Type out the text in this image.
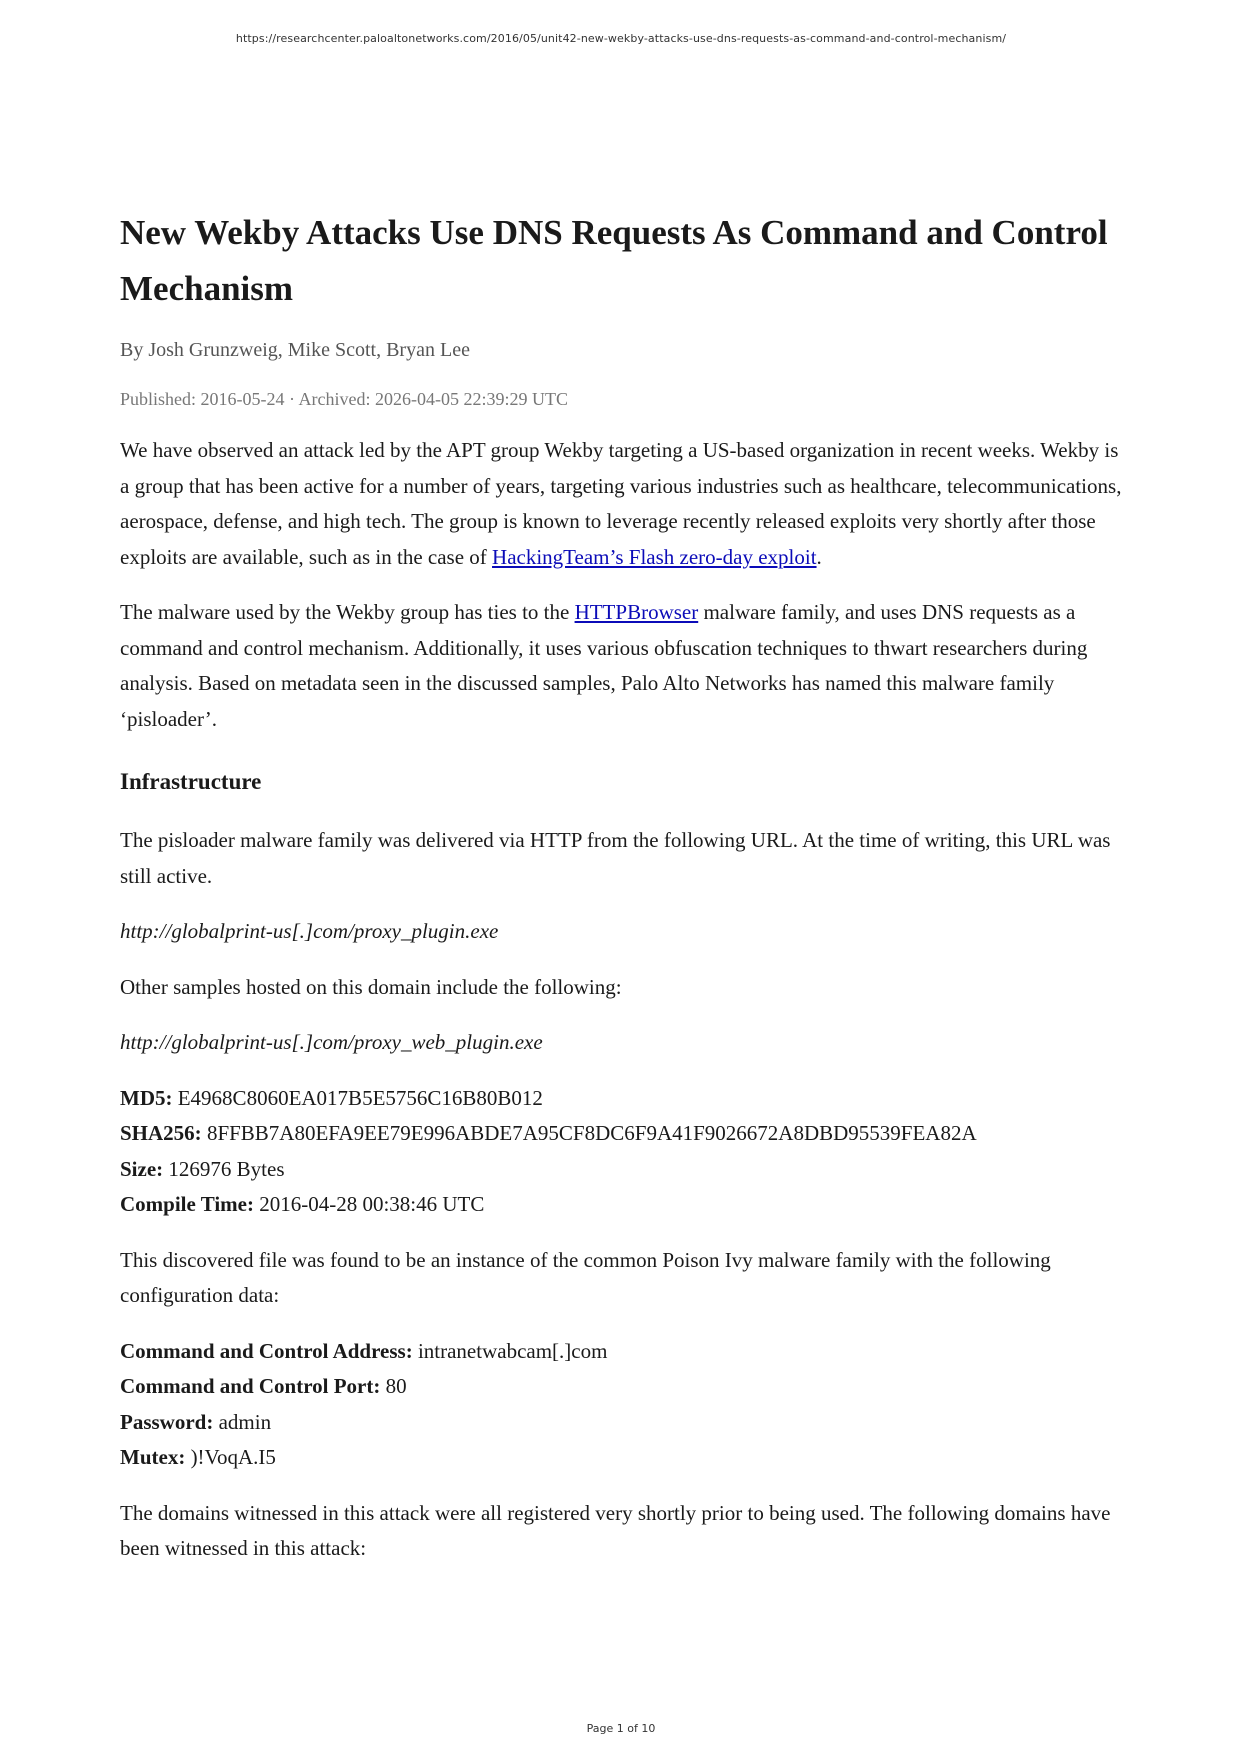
https://researchcenter.paloaltonetworks.com/2016/05/unit42-new-wekby-attacks-use-dns-requests-as-command-and-control-mechanism/
New Wekby Attacks Use DNS Requests As Command and Control Mechanism
By Josh Grunzweig, Mike Scott, Bryan Lee
Published: 2016-05-24 · Archived: 2026-04-05 22:39:29 UTC

We have observed an attack led by the APT group Wekby targeting a US-based organization in recent weeks. Wekby is a group that has been active for a number of years, targeting various industries such as healthcare, telecommunications, aerospace, defense, and high tech. The group is known to leverage recently released exploits very shortly after those exploits are available, such as in the case of HackingTeam’s Flash zero-day exploit.

The malware used by the Wekby group has ties to the HTTPBrowser malware family, and uses DNS requests as a command and control mechanism. Additionally, it uses various obfuscation techniques to thwart researchers during analysis. Based on metadata seen in the discussed samples, Palo Alto Networks has named this malware family ‘pisloader’.

Infrastructure

The pisloader malware family was delivered via HTTP from the following URL. At the time of writing, this URL was still active.

http://globalprint-us[.]com/proxy_plugin.exe

Other samples hosted on this domain include the following:

http://globalprint-us[.]com/proxy_web_plugin.exe

MD5: E4968C8060EA017B5E5756C16B80B012
SHA256: 8FFBB7A80EFA9EE79E996ABDE7A95CF8DC6F9A41F9026672A8DBD95539FEA82A
Size: 126976 Bytes
Compile Time: 2016-04-28 00:38:46 UTC

This discovered file was found to be an instance of the common Poison Ivy malware family with the following configuration data:

Command and Control Address: intranetwabcam[.]com
Command and Control Port: 80
Password: admin
Mutex: )!VoqA.I5

The domains witnessed in this attack were all registered very shortly prior to being used. The following domains have been witnessed in this attack:

Page 1 of 10
